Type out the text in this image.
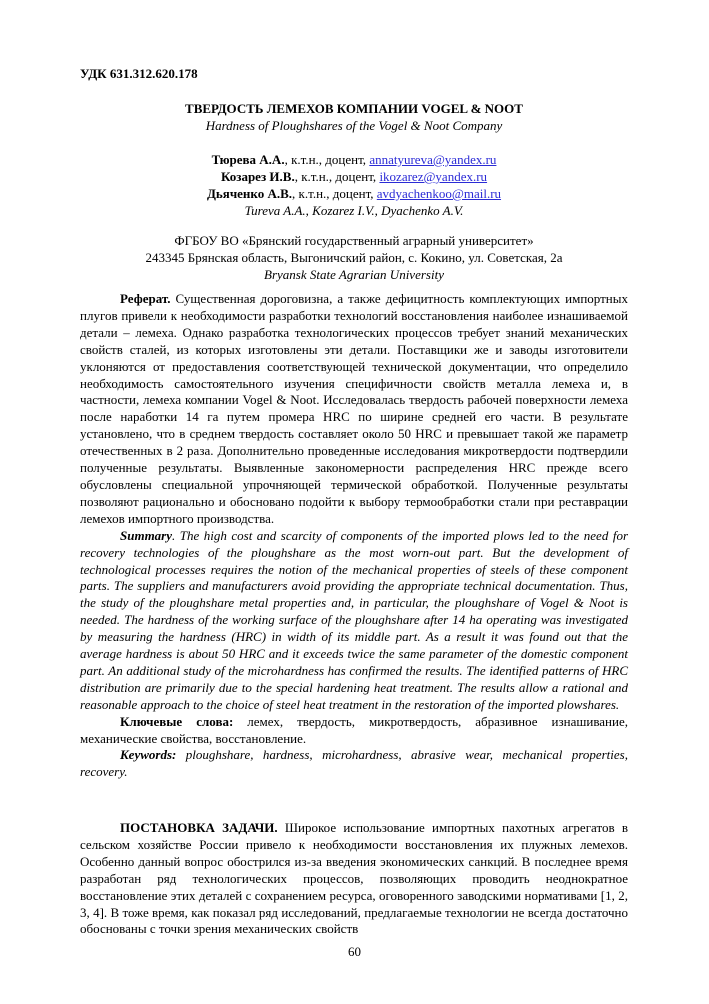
УДК 631.312.620.178
ТВЕРДОСТЬ ЛЕМЕХОВ КОМПАНИИ VOGEL & NOOT
Hardness of Ploughshares of the Vogel & Noot Company
Тюрева А.А., к.т.н., доцент, annatyureva@yandex.ru
Козарез И.В., к.т.н., доцент, ikozarez@yandex.ru
Дьяченко А.В., к.т.н., доцент, avdyachenkoo@mail.ru
Tureva A.A., Kozarez I.V., Dyachenko A.V.
ФГБОУ ВО «Брянский государственный аграрный университет»
243345 Брянская область, Выгоничский район, с. Кокино, ул. Советская, 2а
Bryansk State Agrarian University

Реферат. Существенная дороговизна, а также дефицитность комплектующих импортных плугов привели к необходимости разработки технологий восстановления наиболее изнашиваемой детали – лемеха. Однако разработка технологических процессов требует знаний механических свойств сталей, из которых изготовлены эти детали. Поставщики же и заводы изготовители уклоняются от предоставления соответствующей технической документации, что определило необходимость самостоятельного изучения специфичности свойств металла лемеха и, в частности, лемеха компании Vogel & Noot. Исследовалась твердость рабочей поверхности лемеха после наработки 14 га путем промера HRC по ширине средней его части. В результате установлено, что в среднем твердость составляет около 50 HRC и превышает такой же параметр отечественных в 2 раза. Дополнительно проведенные исследования микротвердости подтвердили полученные результаты. Выявленные закономерности распределения HRC прежде всего обусловлены специальной упрочняющей термической обработкой. Полученные результаты позволяют рационально и обосновано подойти к выбору термообработки стали при реставрации лемехов импортного производства.

Summary. The high cost and scarcity of components of the imported plows led to the need for recovery technologies of the ploughshare as the most worn-out part. But the development of technological processes requires the notion of the mechanical properties of steels of these component parts. The suppliers and manufacturers avoid providing the appropriate technical documentation. Thus, the study of the ploughshare metal properties and, in particular, the ploughshare of Vogel & Noot is needed. The hardness of the working surface of the ploughshare after 14 ha operating was investigated by measuring the hardness (HRC) in width of its middle part. As a result it was found out that the average hardness is about 50 HRC and it exceeds twice the same parameter of the domestic component part. An additional study of the microhardness has confirmed the results. The identified patterns of HRC distribution are primarily due to the special hardening heat treatment. The results allow a rational and reasonable approach to the choice of steel heat treatment in the restoration of the imported plowshares.

Ключевые слова: лемех, твердость, микротвердость, абразивное изнашивание, механические свойства, восстановление.

Keywords: ploughshare, hardness, microhardness, abrasive wear, mechanical properties, recovery.

ПОСТАНОВКА ЗАДАЧИ. Широкое использование импортных пахотных агрегатов в сельском хозяйстве России привело к необходимости восстановления их плужных лемехов. Особенно данный вопрос обострился из-за введения экономических санкций. В последнее время разработан ряд технологических процессов, позволяющих проводить неоднократное восстановление этих деталей с сохранением ресурса, оговоренного заводскими нормативами [1, 2, 3, 4]. В тоже время, как показал ряд исследований, предлагаемые технологии не всегда достаточно обоснованы с точки зрения механических свойств

60
